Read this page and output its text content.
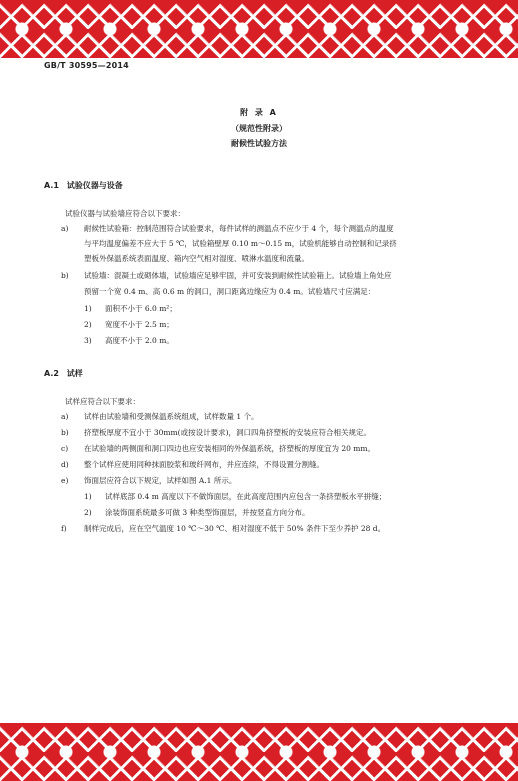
GB/T 30595—2014
附 录 A
（规范性附录）
耐候性试验方法
A.1 试验仪器与设备
试验仪器与试验墙应符合以下要求：
a) 耐候性试验箱：控制范围符合试验要求，每件试样的测温点不应少于 4 个，每个测温点的温度
与平均温度偏差不应大于 5 ℃，试验箱壁厚 0.10 m～0.15 m，试验机能够自动控制和记录挤
塑板外保温系统表面温度、箱内空气相对湿度、喷淋水温度和流量。
b) 试验墙：混凝土或砌体墙，试验墙应足够牢固，并可安装到耐候性试验箱上。试验墙上角处应
预留一个宽 0.4 m、高 0.6 m 的洞口，洞口距离边缘应为 0.4 m。试验墙尺寸应满足：
1) 面积不小于 6.0 m²；
2) 宽度不小于 2.5 m；
3) 高度不小于 2.0 m。
A.2 试样
试样应符合以下要求：
a) 试样由试验墙和受测保温系统组成，试样数量 1 个。
b) 挤塑板厚度不宜小于 30mm(或按设计要求)，洞口四角挤塑板的安装应符合相关规定。
c) 在试验墙的两侧面和洞口四边也应安装相同的外保温系统，挤塑板的厚度宜为 20 mm。
d) 整个试样应使用同种抹面胶浆和玻纤网布，并应连续，不得设置分割缝。
e) 饰面层应符合以下规定，试样如图 A.1 所示。
1) 试样底部 0.4 m 高度以下不做饰面层，在此高度范围内应包含一条挤塑板水平拼缝；
2) 涂装饰面系统最多可做 3 种类型饰面层，并按竖直方向分布。
f) 制样完成后，应在空气温度 10 ℃～30 ℃、相对湿度不低于 50% 条件下至少养护 28 d。
